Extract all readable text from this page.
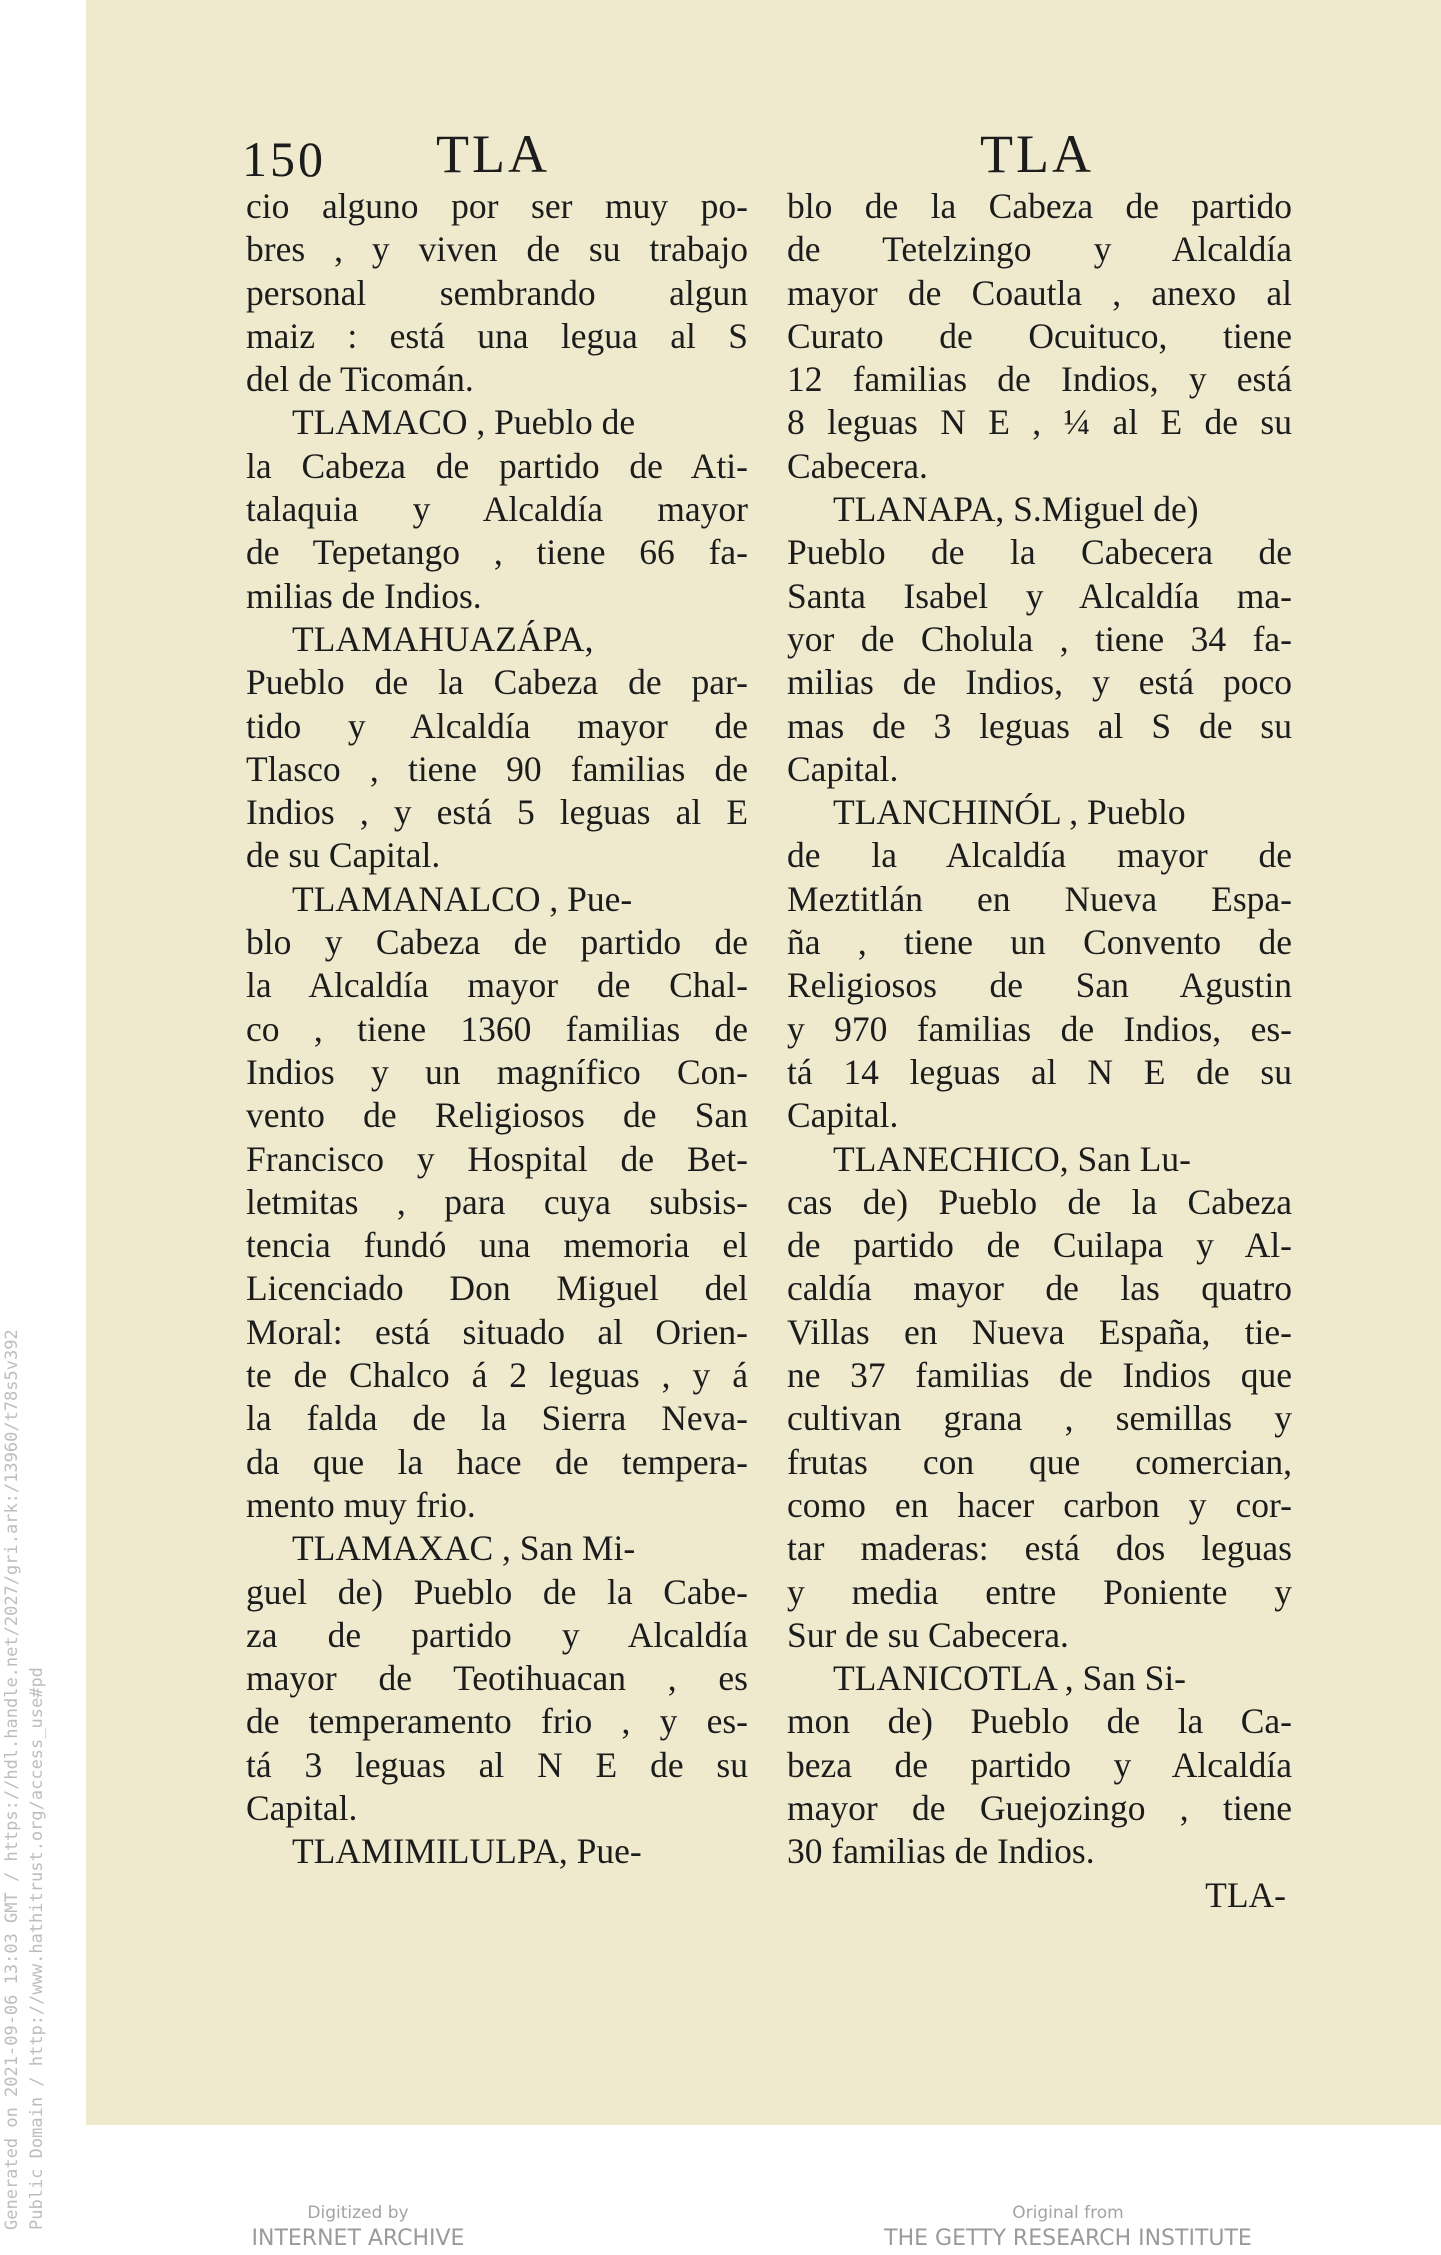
Generated on 2021-09-06 13:03 GMT / https://hdl.handle.net/2027/gri.ark:/13960/t78s5v392 Public Domain / http://www.hathitrust.org/access_use#pd
150 TLA	TLA
cio alguno por ser muy po-
bres , y viven de su trabajo
personal sembrando algun
maiz : está una legua al S
del de Ticomán.
TLAMACO , Pueblo de
la Cabeza de partido de Ati-
talaquia y Alcaldía mayor
de Tepetango , tiene 66 fa-
milias de Indios.
TLAMAHUAZÁPA,
Pueblo de la Cabeza de par-
tido y Alcaldía mayor de
Tlasco , tiene 90 familias de
Indios , y está 5 leguas al E
de su Capital.
TLAMANALCO , Pue-
blo y Cabeza de partido de
la Alcaldía mayor de Chal-
co , tiene 1360 familias de
Indios y un magnífico Con-
vento de Religiosos de San
Francisco y Hospital de Bet-
letmitas , para cuya subsis-
tencia fundó una memoria el
Licenciado Don Miguel del
Moral: está situado al Orien-
te de Chalco á 2 leguas , y á
la falda de la Sierra Neva-
da que la hace de tempera-
mento muy frio.
TLAMAXAC , San Mi-
guel de) Pueblo de la Cabe-
za de partido y Alcaldía
mayor de Teotihuacan , es
de temperamento frio , y es-
tá 3 leguas al N E de su
Capital.
TLAMIMILULPA, Pue-
blo de la Cabeza de partido
de Tetelzingo y Alcaldía
mayor de Coautla , anexo al
Curato de Ocuituco, tiene
12 familias de Indios, y está
8 leguas N E , ¼ al E de su
Cabecera.
TLANAPA, S.Miguel de)
Pueblo de la Cabecera de
Santa Isabel y Alcaldía ma-
yor de Cholula , tiene 34 fa-
milias de Indios, y está poco
mas de 3 leguas al S de su
Capital.
TLANCHINÓL , Pueblo
de la Alcaldía mayor de
Meztitlán en Nueva Espa-
ña , tiene un Convento de
Religiosos de San Agustin
y 970 familias de Indios, es-
tá 14 leguas al N E de su
Capital.
TLANECHICO, San Lu-
cas de) Pueblo de la Cabeza
de partido de Cuilapa y Al-
caldía mayor de las quatro
Villas en Nueva España, tie-
ne 37 familias de Indios que
cultivan grana , semillas y
frutas con que comercian,
como en hacer carbon y cor-
tar maderas: está dos leguas
y media entre Poniente y
Sur de su Cabecera.
TLANICOTLA , San Si-
mon de) Pueblo de la Ca-
beza de partido y Alcaldía
mayor de Guejozingo , tiene
30 familias de Indios.
TLA-
Digitized by
INTERNET ARCHIVE
Original from
THE GETTY RESEARCH INSTITUTE
